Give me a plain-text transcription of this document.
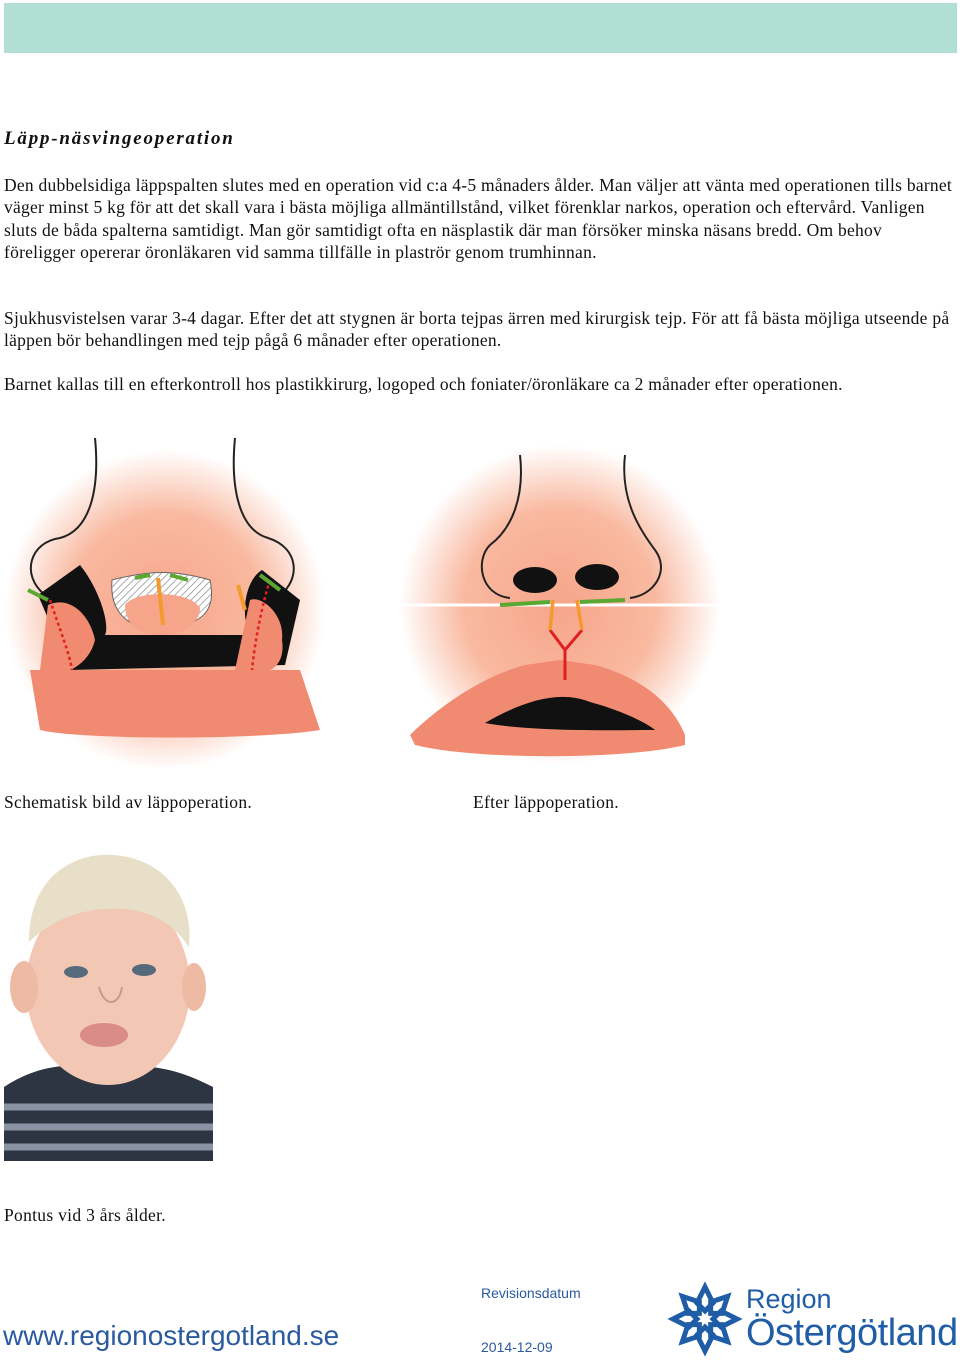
Läpp-näsvingeoperation

Den dubbelsidiga läppspalten slutes med en operation vid c:a 4-5 månaders ålder. Man väljer att vänta med operationen tills barnet väger minst 5 kg för att det skall vara i bästa möjliga allmäntillstånd, vilket förenklar narkos, operation och eftervård. Vanligen sluts de båda spalterna samtidigt. Man gör samtidigt ofta en näsplastik där man försöker minska näsans bredd. Om behov föreligger opererar öronläkaren vid samma tillfälle in plaströr genom trumhinnan.

Sjukhusvistelsen varar 3-4 dagar. Efter det att stygnen är borta tejpas ärren med kirurgisk tejp. För att få bästa möjliga utseende på läppen bör behandlingen med tejp pågå 6 månader efter operationen.

Barnet kallas till en efterkontroll hos plastikkirurg, logoped och foniater/öronläkare ca 2 månader efter operationen.

Schematisk bild av läppoperation.	Efter läppoperation.
Pontus vid 3 års ålder.
www.regionostergotland.se
Revisionsdatum
2014-12-09
Region
Östergötland
